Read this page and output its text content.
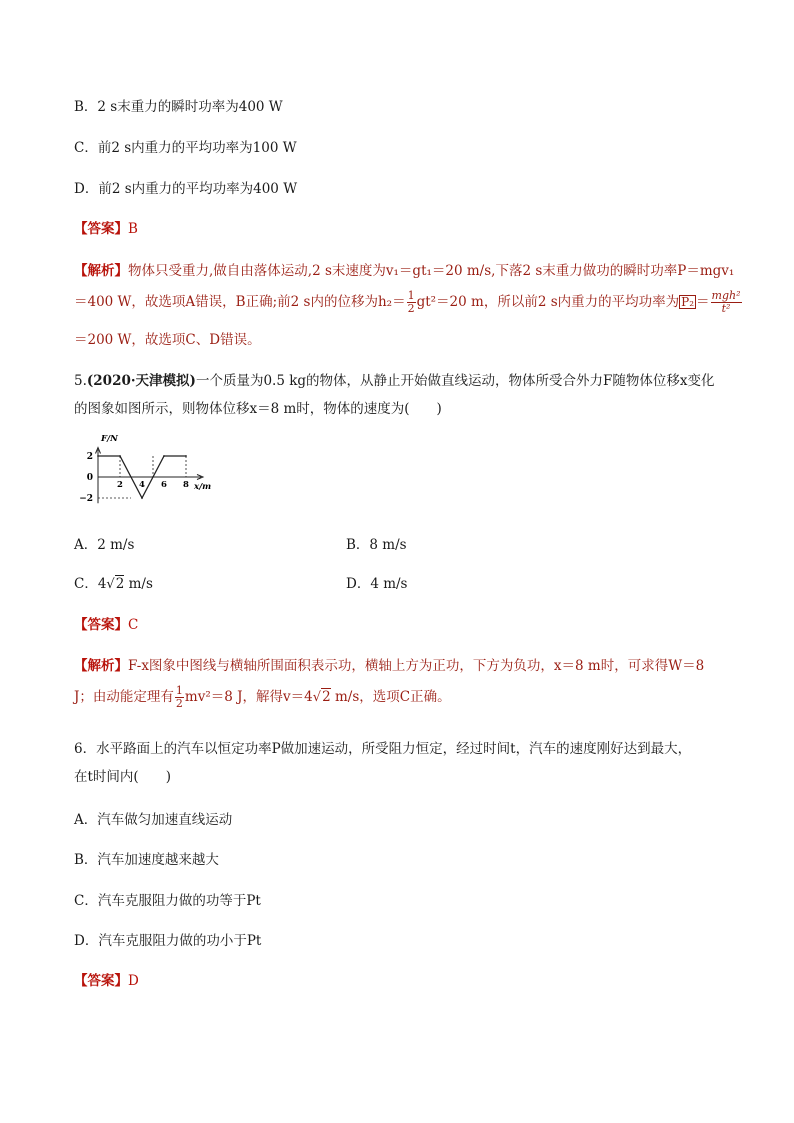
B．2 s末重力的瞬时功率为400 W
C．前2 s内重力的平均功率为100 W
D．前2 s内重力的平均功率为400 W
【答案】B
【解析】物体只受重力,做自由落体运动,2 s末速度为v₁＝gt₁＝20 m/s,下落2 s末重力做功的瞬时功率P＝mgv₁
＝400 W，故选项A错误，B正确;前2 s内的位移为$h_2= \frac{1}{2} gt^2=20$ m，所以前2 s内重力的平均功率为 P̄₂ ＝ $\frac{\text{mgh²}}{\text{t²}}$
＝200 W，故选项C、D错误。
5.(2020·天津模拟)一个质量为0.5 kg的物体，从静止开始做直线运动，物体所受合外力F随物体位移x变化
的图象如图所示，则物体位移x＝8 m时，物体的速度为(　　)
F/N
x/m
2
0
−2
2 4 6 8
A．2 m/s	B．8 m/s
C．4√2 m/s	D．4 m/s
【答案】C
【解析】F-x图象中图线与横轴所围面积表示功，横轴上方为正功，下方为负功，x＝8 m时，可求得W＝8
J；由动能定理有 $\frac{1}{2} mv^2=8$ J，解得v＝4√2 m/s，选项C正确。
6．水平路面上的汽车以恒定功率P做加速运动，所受阻力恒定，经过时间t，汽车的速度刚好达到最大，
在t时间内(　　)
A．汽车做匀加速直线运动
B．汽车加速度越来越大
C．汽车克服阻力做的功等于Pt
D．汽车克服阻力做的功小于Pt
【答案】D
